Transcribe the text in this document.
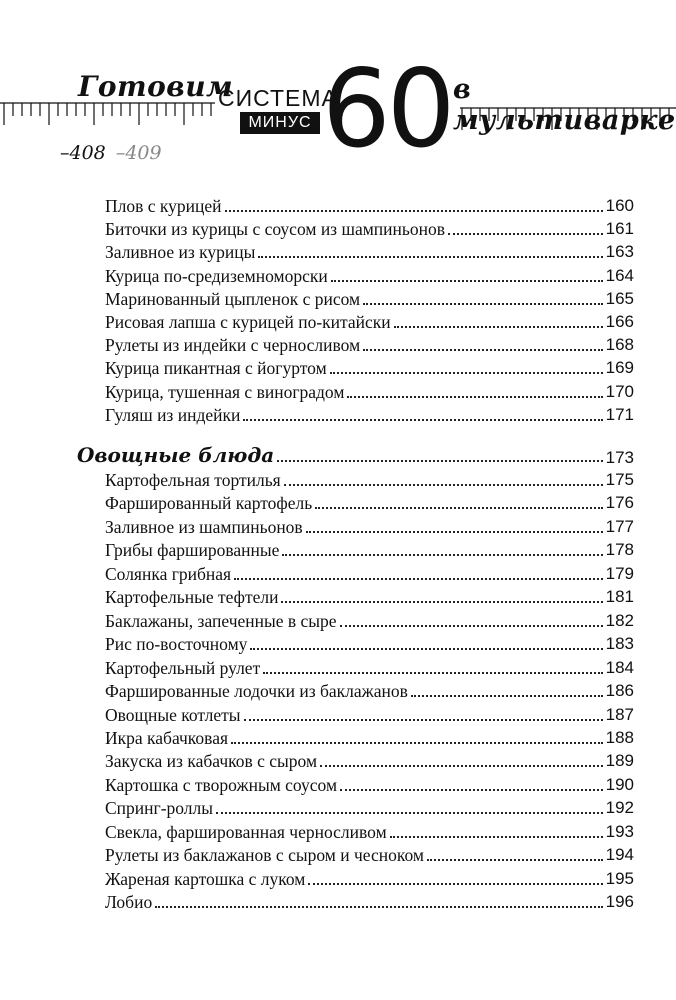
Готовим
СИСТЕМА
МИНУС 60 в мультиварке
–408 –409
Плов с курицей	160
Биточки из курицы с соусом из шампиньонов	161
Заливное из курицы	163
Курица по-средиземноморски	164
Маринованный цыпленок с рисом	165
Рисовая лапша с курицей по-китайски	166
Рулеты из индейки с черносливом	168
Курица пикантная с йогуртом	169
Курица, тушенная с виноградом	170
Гуляш из индейки	171
Овощные блюда	173
Картофельная тортилья	175
Фаршированный картофель	176
Заливное из шампиньонов	177
Грибы фаршированные	178
Солянка грибная	179
Картофельные тефтели	181
Баклажаны, запеченные в сыре	182
Рис по-восточному	183
Картофельный рулет	184
Фаршированные лодочки из баклажанов	186
Овощные котлеты	187
Икра кабачковая	188
Закуска из кабачков с сыром	189
Картошка с творожным соусом	190
Спринг-роллы	192
Свекла, фаршированная черносливом	193
Рулеты из баклажанов с сыром и чесноком	194
Жареная картошка с луком	195
Лобио	196
